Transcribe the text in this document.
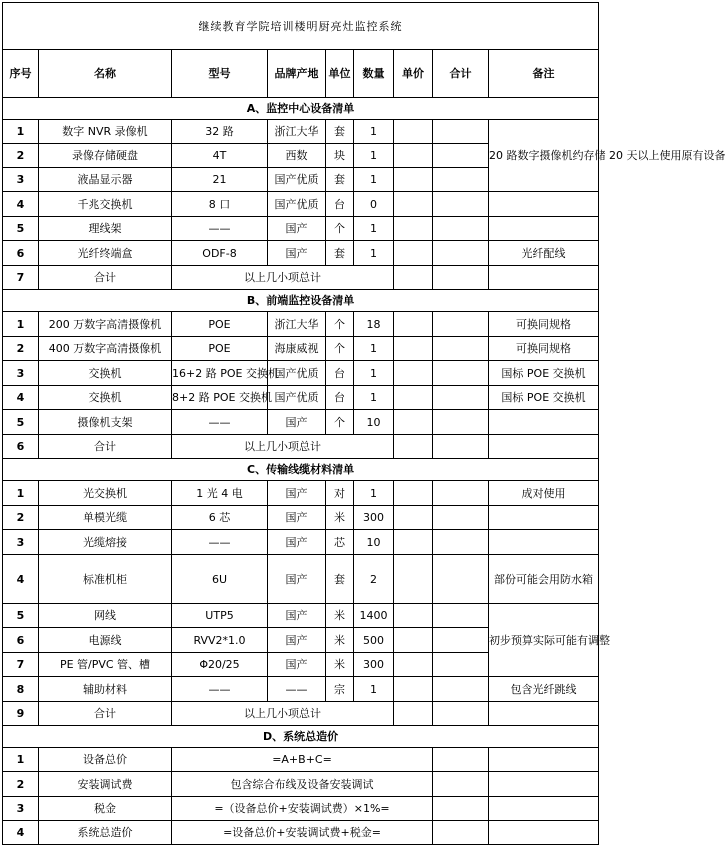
继续教育学院培训楼明厨亮灶监控系统								
序号	名称	型号	品牌产地	单位	数量	单价	合计	备注
A、监控中心设备清单								
1	数字 NVR 录像机	32 路	浙江大华	套	1			20 路数字摄像机约存储 20 天以上使用原有设备
2	录像存储硬盘	4T	西数	块	1			
3	液晶显示器	21	国产优质	套	1			
4	千兆交换机	8 口	国产优质	台	0			
5	理线架	——	国产	个	1			
6	光纤终端盒	ODF-8	国产	套	1			光纤配线
7	合计	以上几小项总计						
B、前端监控设备清单								
1	200 万数字高清摄像机	POE	浙江大华	个	18			可换同规格
2	400 万数字高清摄像机	POE	海康威视	个	1			可换同规格
3	交换机	16+2 路 POE 交换机	国产优质	台	1			国标 POE 交换机
4	交换机	8+2 路 POE 交换机	国产优质	台	1			国标 POE 交换机
5	摄像机支架	——	国产	个	10			
6	合计	以上几小项总计						
C、传输线缆材料清单								
1	光交换机	1 光 4 电	国产	对	1			成对使用
2	单模光缆	6 芯	国产	米	300			
3	光缆熔接	——	国产	芯	10			
4	标准机柜	6U	国产	套	2			部份可能会用防水箱
5	网线	UTP5	国产	米	1400			初步预算实际可能有调整
6	电源线	RVV2*1.0	国产	米	500			
7	PE 管/PVC 管、槽	Φ20/25	国产	米	300			
8	辅助材料	——	——	宗	1			包含光纤跳线
9	合计	以上几小项总计						
D、系统总造价								
1	设备总价	=A+B+C=						
2	安装调试费	包含综合布线及设备安装调试						
3	税金	=（设备总价+安装调试费）×1%=						
4	系统总造价	=设备总价+安装调试费+税金=						
